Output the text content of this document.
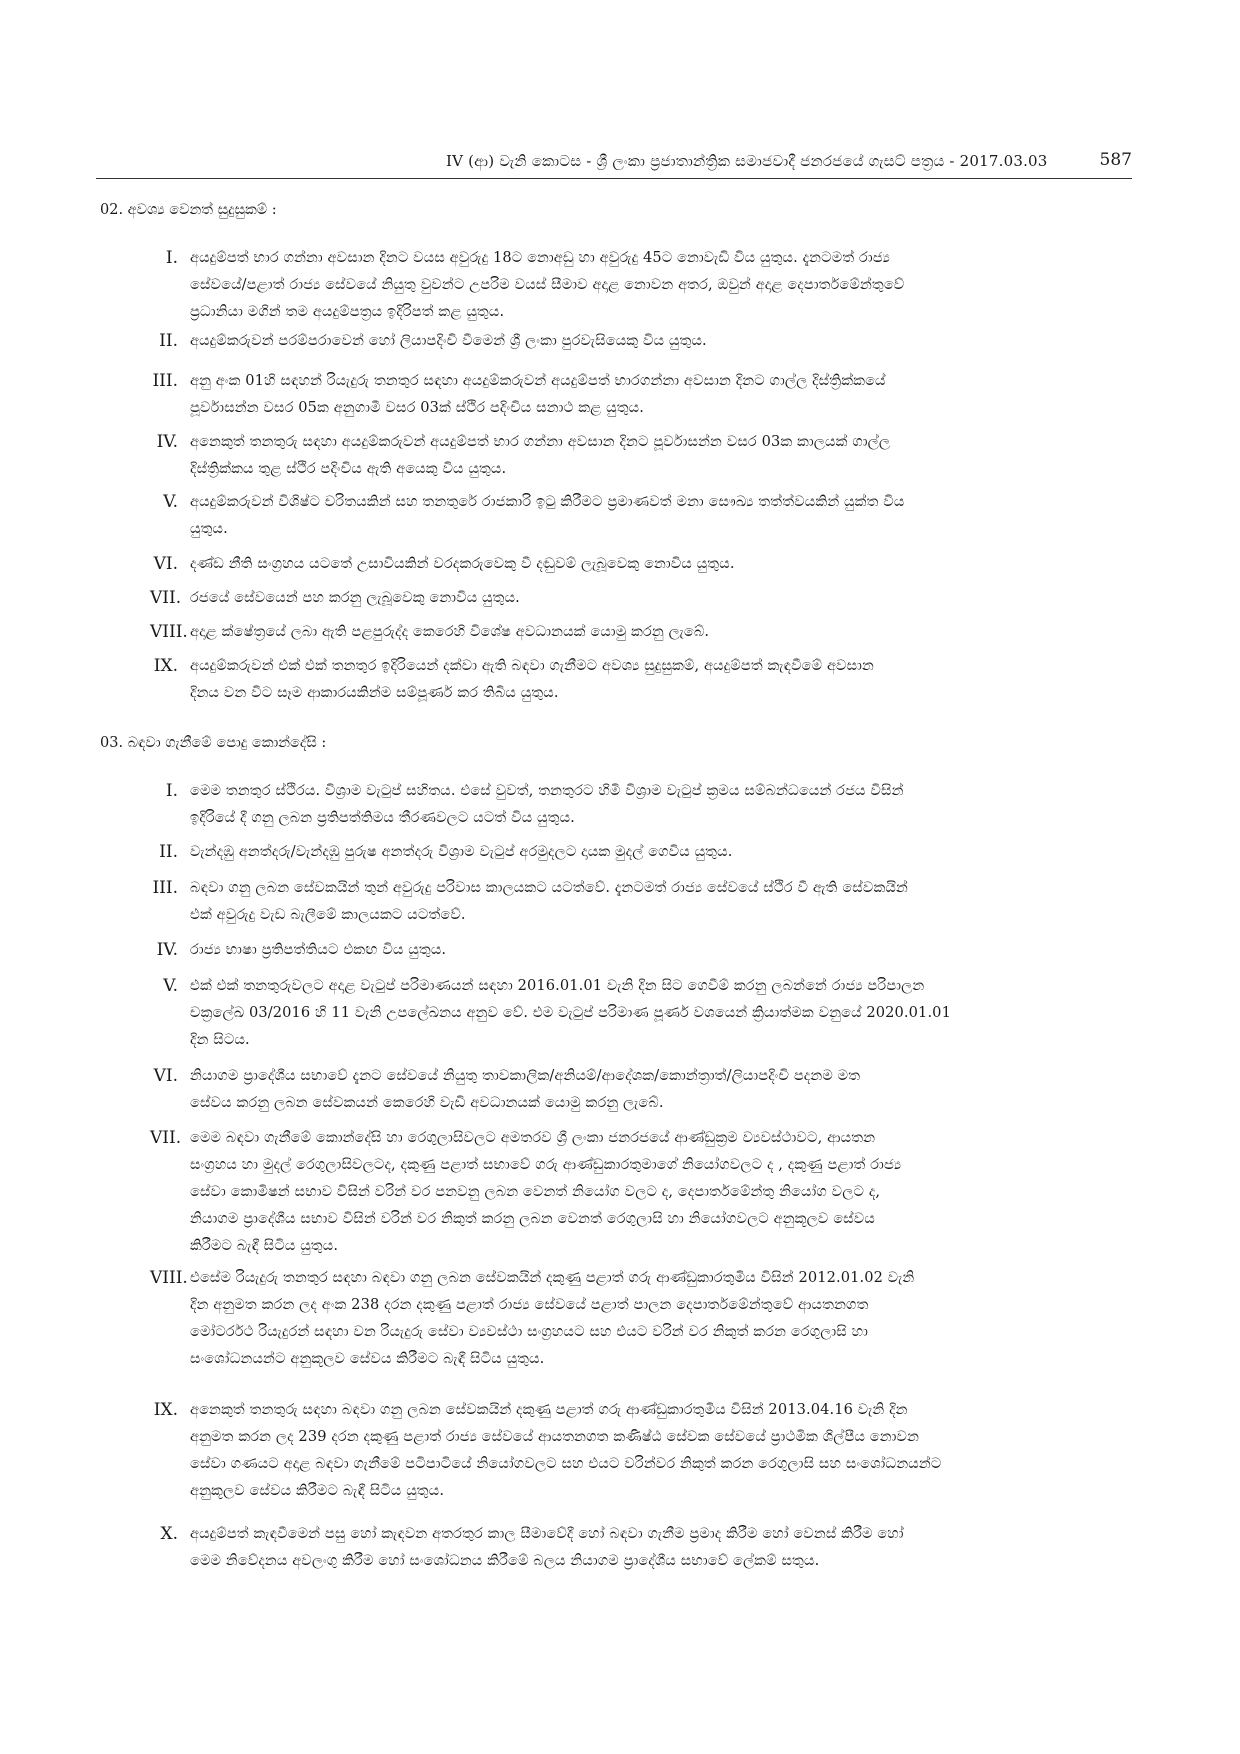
IV (ආ) වැනි කොටස - ශ්‍රී ලංකා ප්‍රජාතාන්ත්‍රික සමාජවාදී ජනරජයේ ගැසට් පත්‍රය - 2017.03.03	587
02. අවශ්‍ය වෙනත් සුදුසුකම් :
I. අයදුම්පත් භාර ගන්නා අවසාන දිනට වයස අවුරුදු 18ට නොඅඩු හා අවුරුදු 45ට නොවැඩි විය යුතුය. දැනටමත් රාජ්‍ය
සේවයේ/පළාත් රාජ්‍ය සේවයේ නියුතු වුවන්ට උපරිම වයස් සීමාව අදාළ නොවන අතර, ඔවුන් අදාළ දෙපාර්තමේන්තුවේ
ප්‍රධානියා මගින් තම අයදුම්පත්‍රය ඉදිරිපත් කළ යුතුය.
II. අයදුම්කරුවන් පරම්පරාවෙන් හෝ ලියාපදිංචි වීමෙන් ශ්‍රී ලංකා පුරවැසියෙකු විය යුතුය.
III. අනු අංක 01හි සඳහන් රියැදුරු තනතුර සඳහා අයදුම්කරුවන් අයදුම්පත් භාරගන්නා අවසාන දිනට ගාල්ල දිස්ත්‍රික්කයේ
පූර්වාසන්න වසර 05ක අනුගාමී වසර 03ක් ස්ථිර පදිංචිය සනාථ කළ යුතුය.
IV. අනෙකුත් තනතුරු සඳහා අයදුම්කරුවන් අයදුම්පත් භාර ගන්නා අවසාන දිනට පූර්වාසන්න වසර 03ක කාලයක් ගාල්ල
දිස්ත්‍රික්කය තුළ ස්ථිර පදිංචිය ඇති අයෙකු විය යුතුය.
V. අයදුම්කරුවන් විශිෂ්ට චරිතයකින් සහ තනතුරේ රාජකාරි ඉටු කිරීමට ප්‍රමාණවත් මනා සෞඛ්‍ය තත්ත්වයකින් යුක්ත විය
යුතුය.
VI. දණ්ඩ නීති සංග්‍රහය යටතේ උසාවියකින් වරදකරුවෙකු වී දඬුවම් ලැබූවෙකු නොවිය යුතුය.
VII. රජයේ සේවයෙන් පහ කරනු ලැබූවෙකු නොවිය යුතුය.
VIII. අදාළ ක්ෂේත්‍රයේ ලබා ඇති පළපුරුද්ද කෙරෙහි විශේෂ අවධානයක් යොමු කරනු ලැබේ.
IX. අයදුම්කරුවන් එක් එක් තනතුර ඉදිරියෙන් දක්වා ඇති බඳවා ගැනීමට අවශ්‍ය සුදුසුකම්, අයදුම්පත් කැඳවීමේ අවසාන
දිනය වන විට සෑම ආකාරයකින්ම සම්පූර්ණ කර තිබිය යුතුය.
03. බඳවා ගැනීමේ පොදු කොන්දේසි :
I. මෙම තනතුර ස්ථිරය. විශ්‍රාම වැටුප් සහිතය. එසේ වුවත්, තනතුරට හිමි විශ්‍රාම වැටුප් ක්‍රමය සම්බන්ධයෙන් රජය විසින්
ඉදිරියේ දී ගනු ලබන ප්‍රතිපත්තිමය තීරණවලට යටත් විය යුතුය.
II. වැන්දඹු අනත්දරු/වැන්දඹු පුරුෂ අනත්දරු විශ්‍රාම වැටුප් අරමුදලට දායක මුදල් ගෙවිය යුතුය.
III. බඳවා ගනු ලබන සේවකයින් තුන් අවුරුදු පරිවාස කාලයකට යටත්වේ. දැනටමත් රාජ්‍ය සේවයේ ස්ථිර වී ඇති සේවකයින්
එක් අවුරුදු වැඩ බැලීමේ කාලයකට යටත්වේ.
IV. රාජ්‍ය භාෂා ප්‍රතිපත්තියට එකඟ විය යුතුය.
V. එක් එක් තනතුරුවලට අදාළ වැටුප් පරිමාණයන් සඳහා 2016.01.01 වැනි දින සිට ගෙවීම් කරනු ලබන්නේ රාජ්‍ය පරිපාලන
චක්‍රලේඛ 03/2016 හි 11 වැනි උපලේඛනය අනුව වේ. එම වැටුප් පරිමාණ පූර්ණ වශයෙන් ක්‍රියාත්මක වනුයේ 2020.01.01
දින සිටය.
VI. නියාගම ප්‍රාදේශීය සභාවේ දැනට සේවයේ නියුතු තාවකාලික/අනියම්/ආදේශක/කොන්ත්‍රාත්/ලියාපදිංචි පදනම මත
සේවය කරනු ලබන සේවකයන් කෙරෙහි වැඩි අවධානයක් යොමු කරනු ලැබේ.
VII. මෙම බඳවා ගැනීමේ කොන්දේසි හා රෙගුලාසිවලට අමතරව ශ්‍රී ලංකා ජනරජයේ ආණ්ඩුක්‍රම ව්‍යවස්ථාවට, ආයතන
සංග්‍රහය හා මුදල් රෙගුලාසිවලටද, දකුණු පළාත් සභාවේ ගරු ආණ්ඩුකාරතුමාගේ නියෝගවලට ද , දකුණු පළාත් රාජ්‍ය
සේවා කොමිෂන් සභාව විසින් වරින් වර පනවනු ලබන වෙනත් නියෝග වලට ද, දෙපාර්තමේන්තු නියෝග වලට ද,
නියාගම ප්‍රාදේශීය සභාව විසින් වරින් වර නිකුත් කරනු ලබන වෙනත් රෙගුලාසි හා නියෝගවලට අනුකූලව සේවය
කිරීමට බැඳී සිටිය යුතුය.
VIII. එසේම රියැදුරු තනතුර සඳහා බඳවා ගනු ලබන සේවකයින් දකුණු පළාත් ගරු ආණ්ඩුකාරතුමිය විසින් 2012.01.02 වැනි
දින අනුමත කරන ලද අංක 238 දරන දකුණු පළාත් රාජ්‍ය සේවයේ පළාත් පාලන දෙපාර්තමේන්තුවේ ආයතනගත
මෝටර්රථ රියැදුරන් සඳහා වන රියැදුරු සේවා ව්‍යවස්ථා සංග්‍රහයට සහ එයට වරින් වර නිකුත් කරන රෙගුලාසි හා
සංශෝධනයන්ට අනුකූලව සේවය කිරීමට බැඳී සිටිය යුතුය.
IX. අනෙකුත් තනතුරු සඳහා බඳවා ගනු ලබන සේවකයින් දකුණු පළාත් ගරු ආණ්ඩුකාරතුමිය විසින් 2013.04.16 වැනි දින
අනුමත කරන ලද 239 දරන දකුණු පළාත් රාජ්‍ය සේවයේ ආයතනගත කණිෂ්ඨ සේවක සේවයේ ප්‍රාථමික ශිල්පීය නොවන
සේවා ගණයට අදාළ බඳවා ගැනීමේ පටිපාටියේ නියෝගවලට සහ එයට වරින්වර නිකුත් කරන රෙගුලාසි සහ සංශෝධනයන්ට
අනුකූලව සේවය කිරීමට බැඳී සිටිය යුතුය.
X. අයදුම්පත් කැඳවීමෙන් පසු හෝ කැඳවන අතරතුර කාල සීමාවේදී හෝ බඳවා ගැනීම ප්‍රමාද කිරීම හෝ වෙනස් කිරීම හෝ
මෙම නිවේදනය අවලංගු කිරීම හෝ සංශෝධනය කිරීමේ බලය නියාගම ප්‍රාදේශීය සභාවේ ලේකම් සතුය.
